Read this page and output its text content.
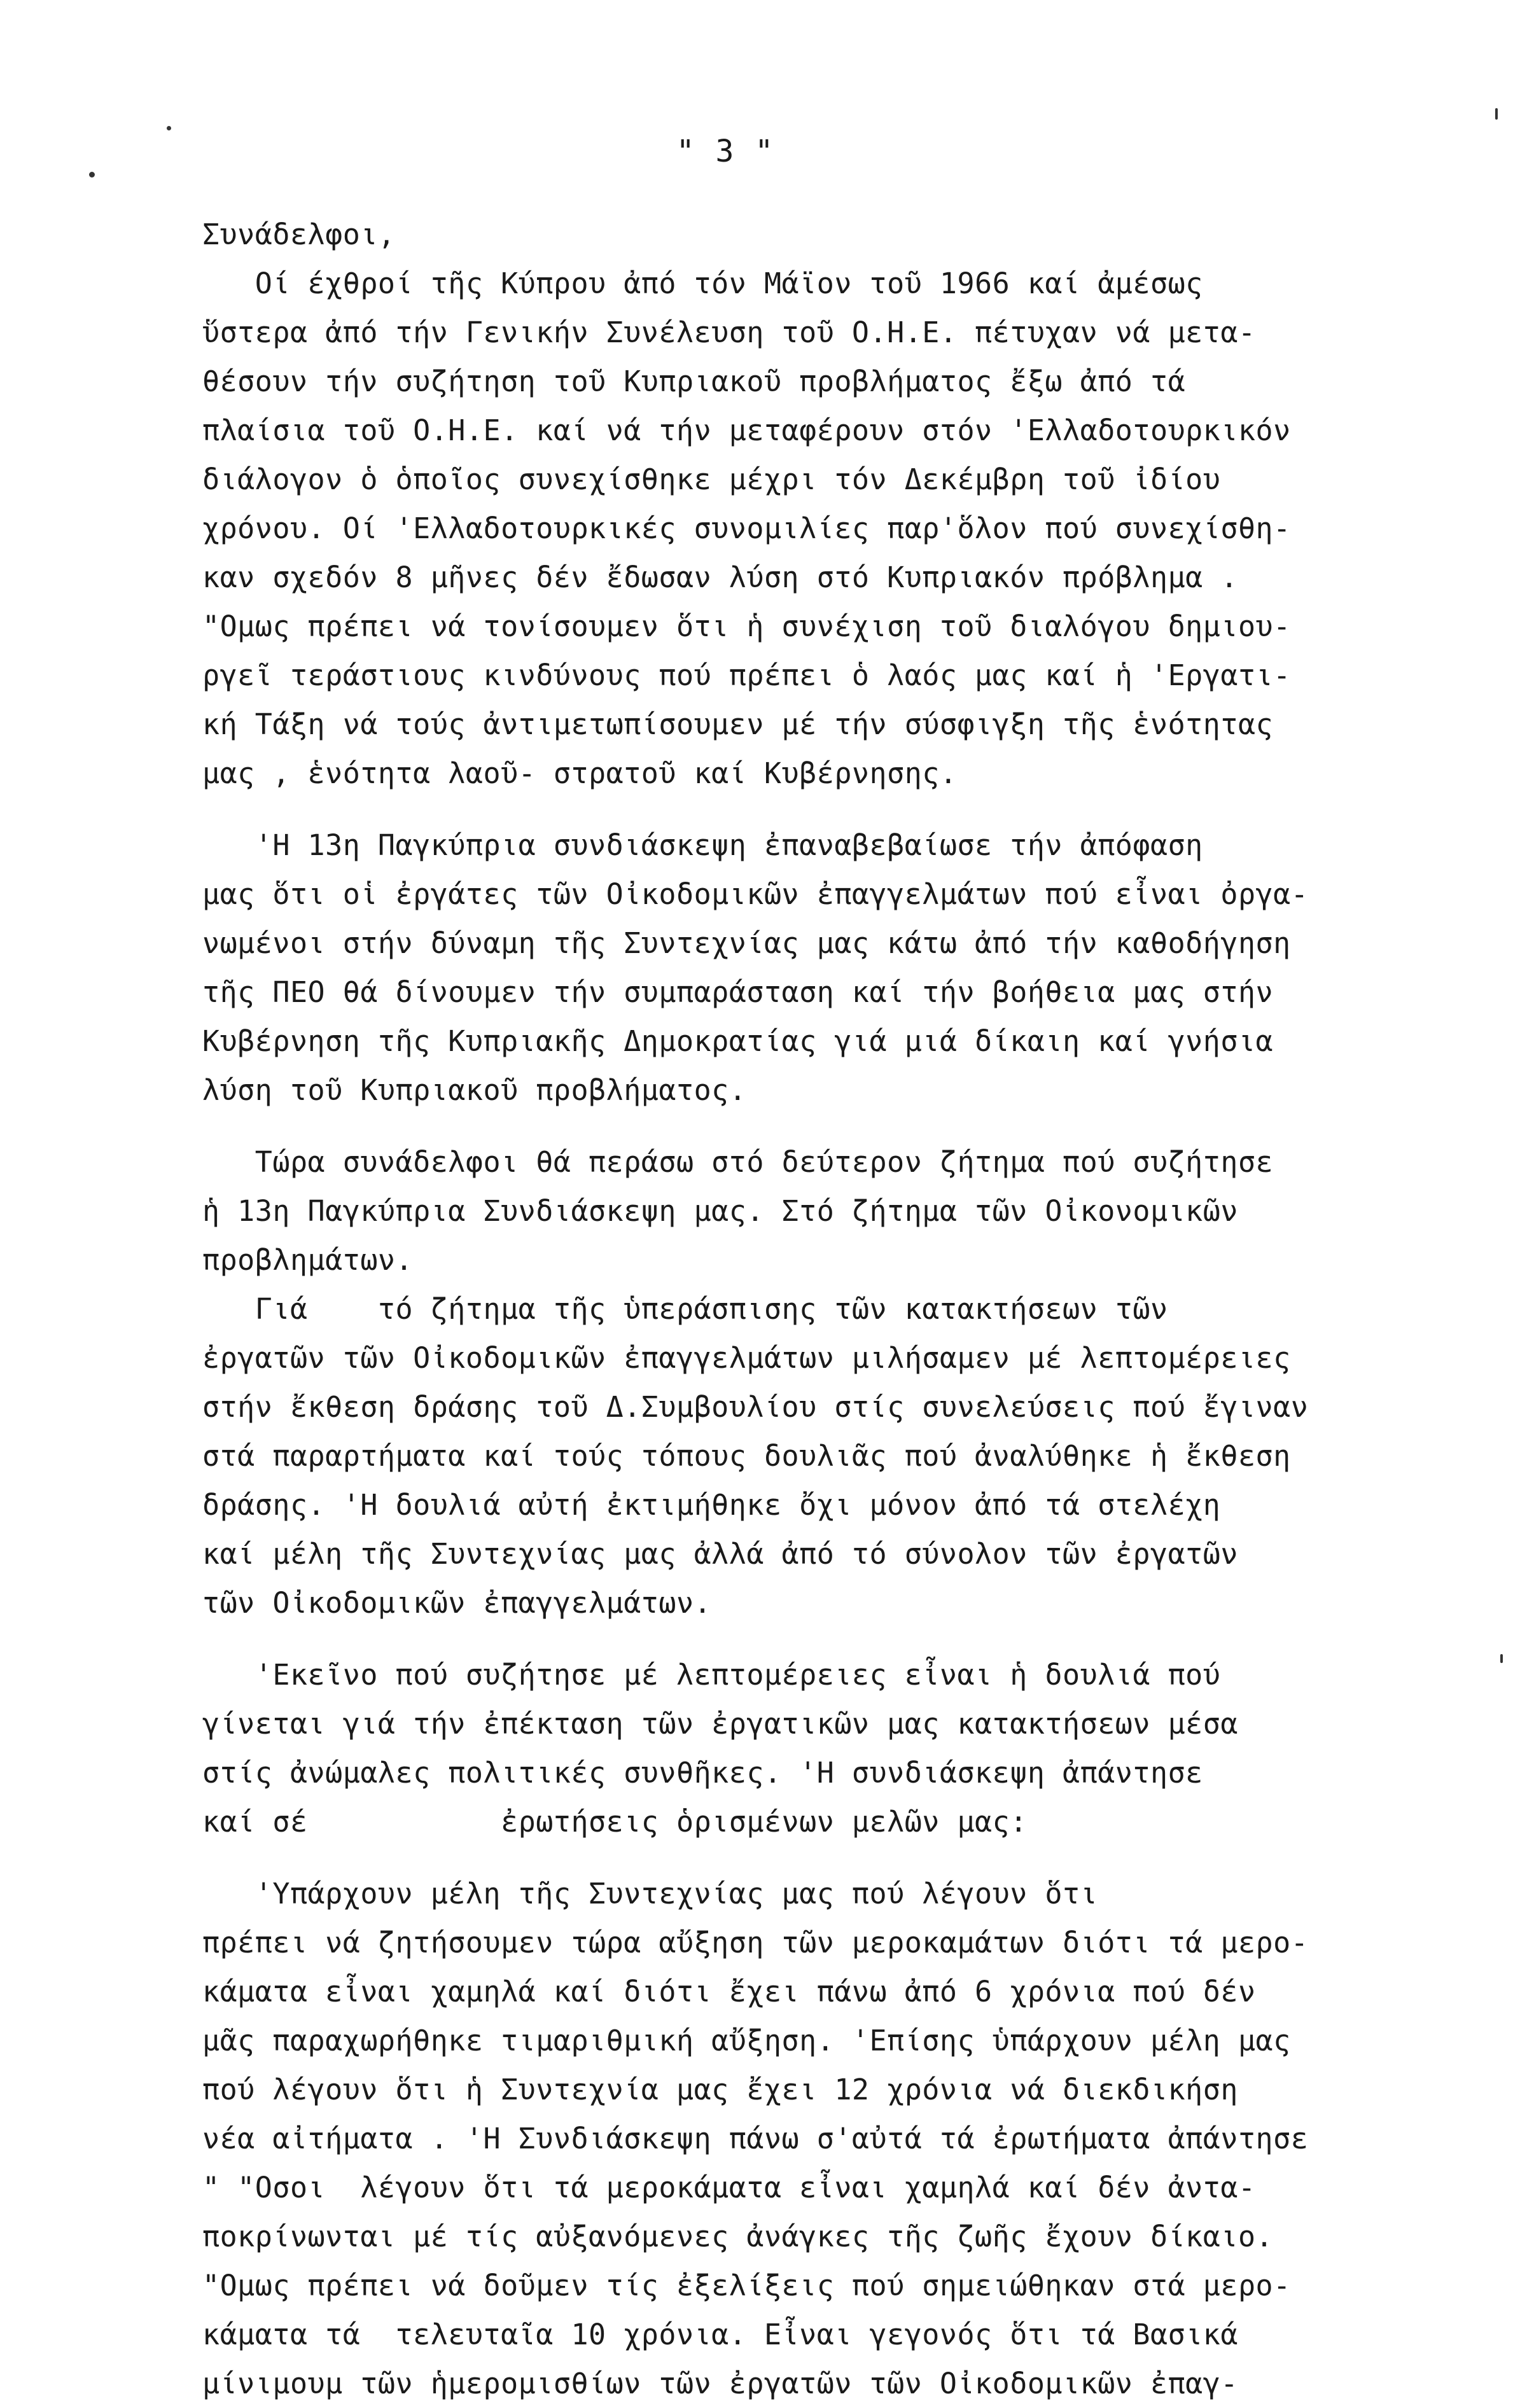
" 3 "
Συνάδελφοι,
Οί έχθροί τῆς Κύπρου ἀπό τόν Μάϊον τοῦ 1966 καί ἀμέσως
ὕστερα ἀπό τήν Γενικήν Συνέλευση τοῦ Ο.Η.Ε. πέτυχαν νά μετα-
θέσουν τήν συζήτηση τοῦ Κυπριακοῦ προβλήματος ἔξω ἀπό τά
πλαίσια τοῦ Ο.Η.Ε. καί νά τήν μεταφέρουν στόν 'Ελλαδοτουρκικόν
διάλογον ὁ ὁποῖος συνεχίσθηκε μέχρι τόν Δεκέμβρη τοῦ ἰδίου
χρόνου. Οί 'Ελλαδοτουρκικές συνομιλίες παρ'ὅλον πού συνεχίσθη-
καν σχεδόν 8 μῆνες δέν ἔδωσαν λύση στό Κυπριακόν πρόβλημα .
"Ομως πρέπει νά τονίσουμεν ὅτι ἡ συνέχιση τοῦ διαλόγου δημιου-
ργεῖ τεράστιους κινδύνους πού πρέπει ὁ λαός μας καί ἡ 'Εργατι-
κή Τάξη νά τούς ἀντιμετωπίσουμεν μέ τήν σύσφιγξη τῆς ἑνότητας
μας , ἑνότητα λαοῦ- στρατοῦ καί Κυβέρνησης.
'Η 13η Παγκύπρια συνδιάσκεψη ἐπαναβεβαίωσε τήν ἀπόφαση
μας ὅτι οἱ ἐργάτες τῶν Οἰκοδομικῶν ἐπαγγελμάτων πού εἶναι ὀργα-
νωμένοι στήν δύναμη τῆς Συντεχνίας μας κάτω ἀπό τήν καθοδήγηση
τῆς ΠΕΟ θά δίνουμεν τήν συμπαράσταση καί τήν βοήθεια μας στήν
Κυβέρνηση τῆς Κυπριακῆς Δημοκρατίας γιά μιά δίκαιη καί γνήσια
λύση τοῦ Κυπριακοῦ προβλήματος.
Τώρα συνάδελφοι θά περάσω στό δεύτερον ζήτημα πού συζήτησε
ἡ 13η Παγκύπρια Συνδιάσκεψη μας. Στό ζήτημα τῶν Οἰκονομικῶν
προβλημάτων.
Γιά    τό ζήτημα τῆς ὑπεράσπισης τῶν κατακτήσεων τῶν
ἐργατῶν τῶν Οἰκοδομικῶν ἐπαγγελμάτων μιλήσαμεν μέ λεπτομέρειες
στήν ἔκθεση δράσης τοῦ Δ.Συμβουλίου στίς συνελεύσεις πού ἔγιναν
στά παραρτήματα καί τούς τόπους δουλιᾶς πού ἀναλύθηκε ἡ ἔκθεση
δράσης. 'Η δουλιά αὐτή ἐκτιμήθηκε ὄχι μόνον ἀπό τά στελέχη
καί μέλη τῆς Συντεχνίας μας ἀλλά ἀπό τό σύνολον τῶν ἐργατῶν
τῶν Οἰκοδομικῶν ἐπαγγελμάτων.
'Εκεῖνο πού συζήτησε μέ λεπτομέρειες εἶναι ἡ δουλιά πού
γίνεται γιά τήν ἐπέκταση τῶν ἐργατικῶν μας κατακτήσεων μέσα
στίς ἀνώμαλες πολιτικές συνθῆκες. 'Η συνδιάσκεψη ἀπάντησε
καί σέ           ἐρωτήσεις ὁρισμένων μελῶν μας:
'Υπάρχουν μέλη τῆς Συντεχνίας μας πού λέγουν ὅτι
πρέπει νά ζητήσουμεν τώρα αὔξηση τῶν μεροκαμάτων διότι τά μερο-
κάματα εἶναι χαμηλά καί διότι ἔχει πάνω ἀπό 6 χρόνια πού δέν
μᾶς παραχωρήθηκε τιμαριθμική αὔξηση. 'Επίσης ὑπάρχουν μέλη μας
πού λέγουν ὅτι ἡ Συντεχνία μας ἔχει 12 χρόνια νά διεκδικήση
νέα αἰτήματα . 'Η Συνδιάσκεψη πάνω σ'αὐτά τά ἐρωτήματα ἀπάντησε
" "Οσοι  λέγουν ὅτι τά μεροκάματα εἶναι χαμηλά καί δέν ἀντα-
ποκρίνωνται μέ τίς αὐξανόμενες ἀνάγκες τῆς ζωῆς ἔχουν δίκαιο.
"Ομως πρέπει νά δοῦμεν τίς ἐξελίξεις πού σημειώθηκαν στά μερο-
κάματα τά  τελευταῖα 10 χρόνια. Εἶναι γεγονός ὅτι τά Βασικά
μίνιμουμ τῶν ἡμερομισθίων τῶν ἐργατῶν τῶν Οἰκοδομικῶν ἐπαγ-
